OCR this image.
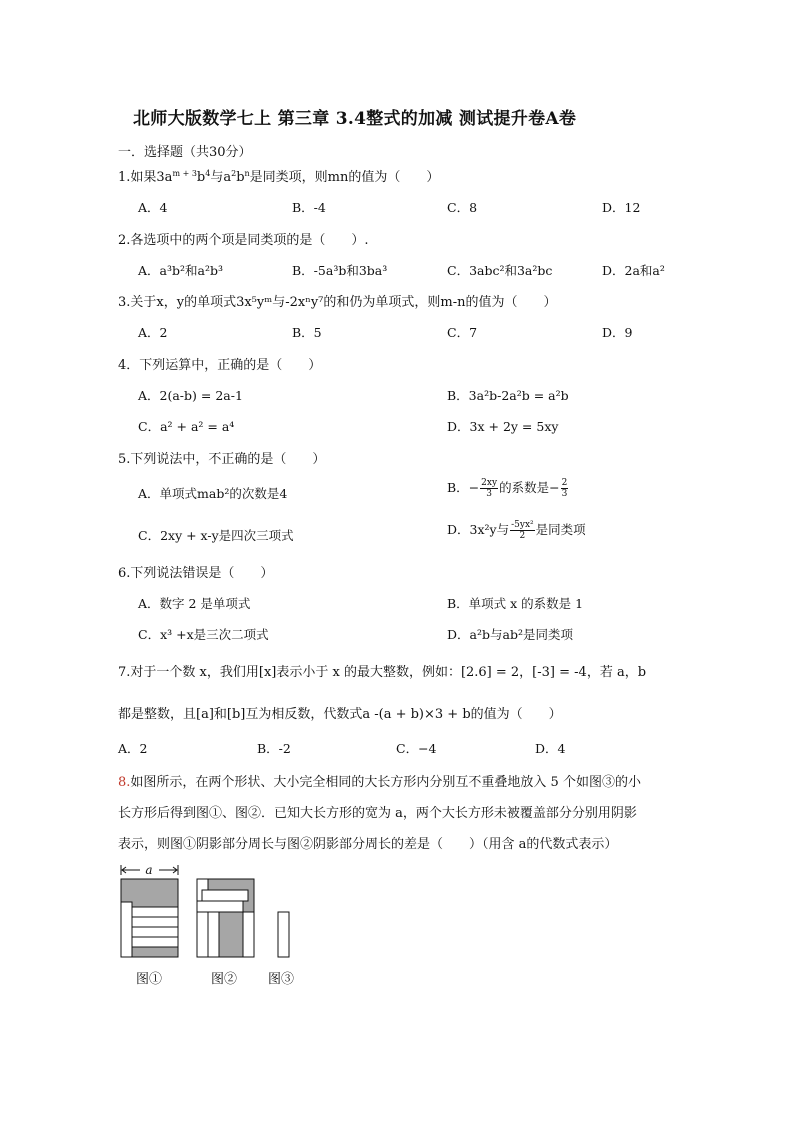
北师大版数学七上 第三章 3.4整式的加减 测试提升卷A卷
一．选择题（共30分）
1.如果$3a^{m + 3}b^4$与$a^2b^n$是同类项，则mn的值为（　　）
A．4	B．-4	C．8	D．12
2.各选项中的两个项是同类项的是（　　）.
A．a³b²和a²b³	B．-5a³b和3ba³	C．3abc²和3a²bc	D．2a和a²
3.关于x，y的单项式3x⁵yᵐ与-2xⁿy⁷的和仍为单项式，则m-n的值为（　　）
A．2	B．5	C．7	D．9
4．下列运算中，正确的是（　　）
A．2(a-b) = 2a-1	B．3a²b-2a²b = a²b
C．a² + a² = a⁴	D．3x + 2y = 5xy
5.下列说法中，不正确的是（　　）
A．单项式mab²的次数是4	B．− $\frac{2xy}{3}$ 的系数是− $\frac{2}{3}$
C．2xy + x-y是四次三项式	D．3x²y与 $\frac{\text{-5yx²}}{2}$ 是同类项
6.下列说法错误是（　　）
A．数字 2 是单项式	B．单项式 x 的系数是 1
C．x³ +x是三次二项式	D．a²b与ab²是同类项
7.对于一个数 x，我们用[x]表示小于 x 的最大整数，例如：[2.6] = 2，[-3] = -4，若 a，b
都是整数，且[a]和[b]互为相反数，代数式a -(a + b)×3 + b的值为（　　）
A．2	B．-2	C．−4	D．4
8.如图所示，在两个形状、大小完全相同的大长方形内分别互不重叠地放入 5 个如图③的小
长方形后得到图①、图②．已知大长方形的宽为 a，两个大长方形未被覆盖部分分别用阴影
表示，则图①阴影部分周长与图②阴影部分周长的差是（　　）（用含 a的代数式表示）
a
图①	图② 图③
